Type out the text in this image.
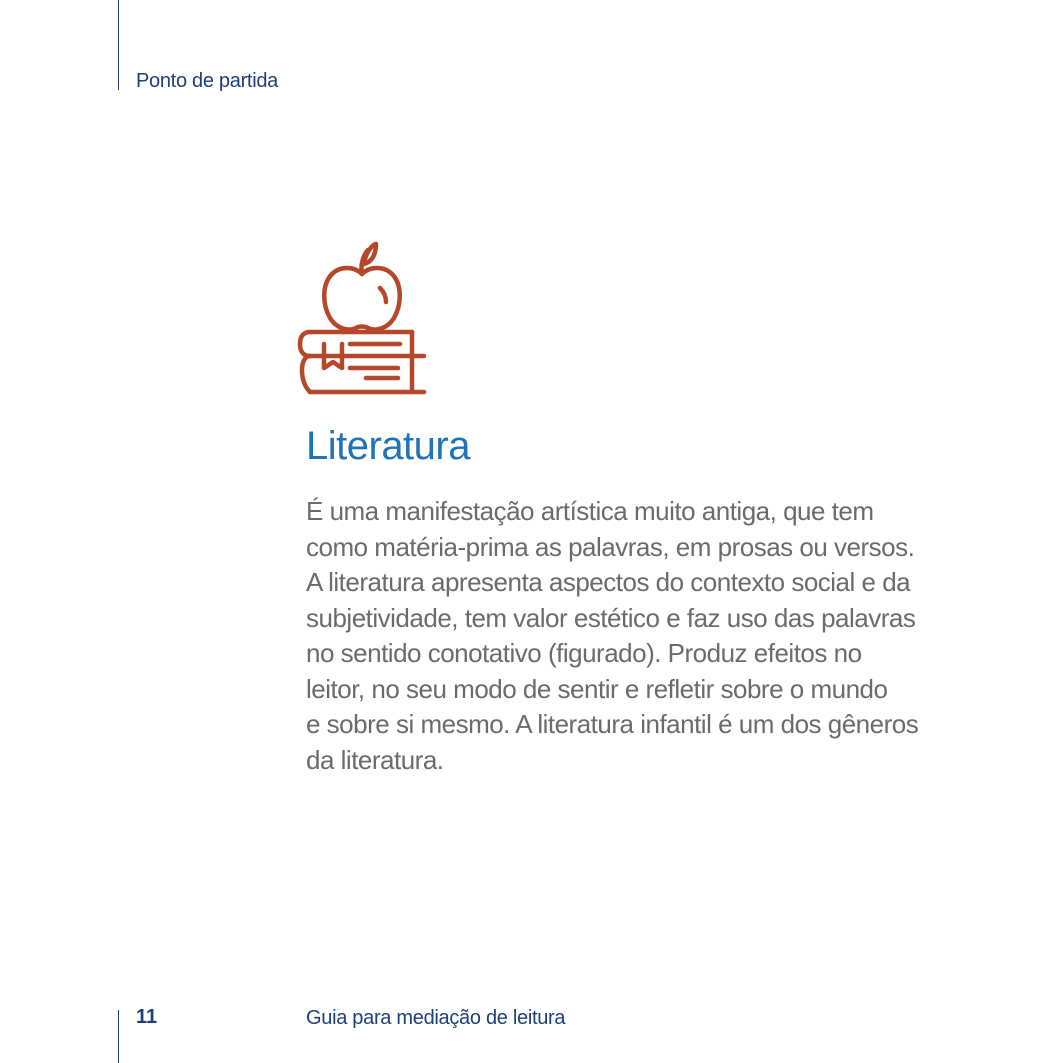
Ponto de partida
Literatura

É uma manifestação artística muito antiga, que tem
como matéria-prima as palavras, em prosas ou versos.
A literatura apresenta aspectos do contexto social e da
subjetividade, tem valor estético e faz uso das palavras
no sentido conotativo (figurado). Produz efeitos no
leitor, no seu modo de sentir e refletir sobre o mundo
e sobre si mesmo. A literatura infantil é um dos gêneros
da literatura.

11	Guia para mediação de leitura
